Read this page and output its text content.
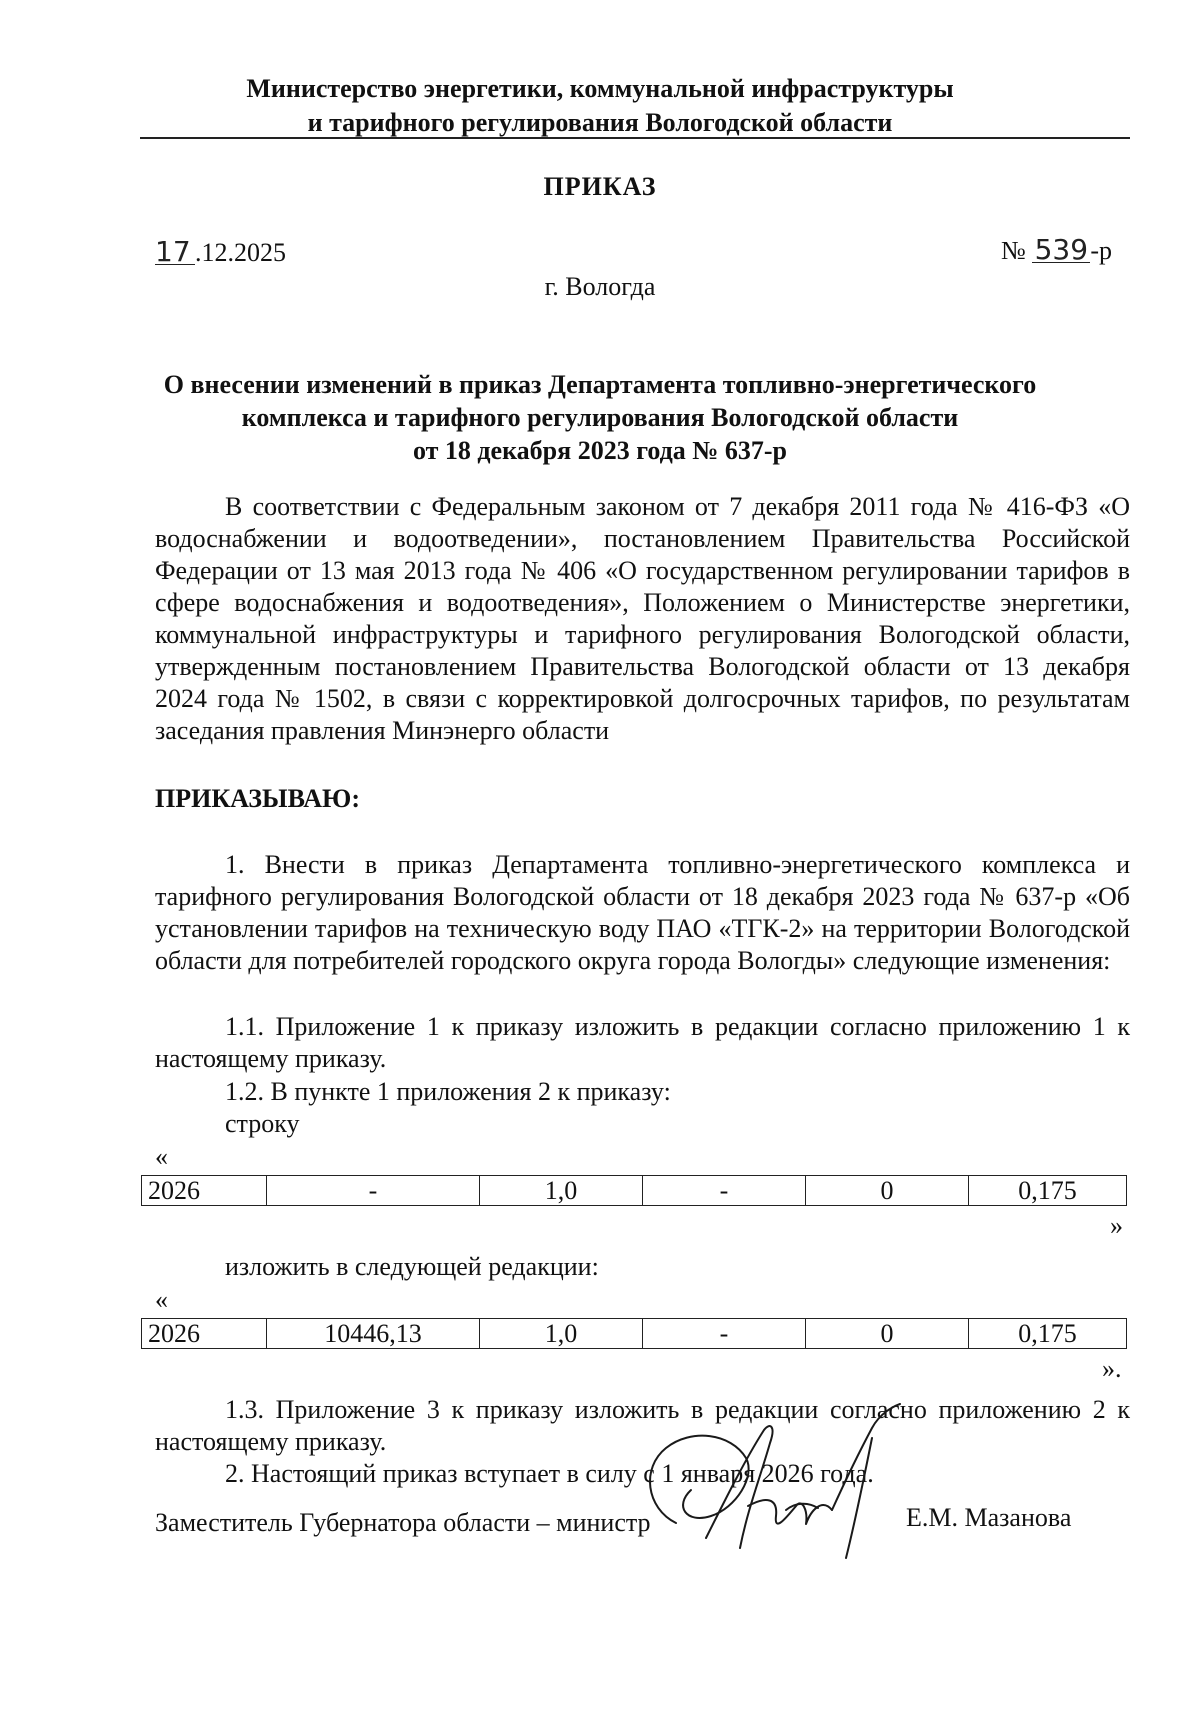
Министерство энергетики, коммунальной инфраструктуры
и тарифного регулирования Вологодской области
ПРИКАЗ
17 .12.2025	№ 539-р
г. Вологда
О внесении изменений в приказ Департамента топливно-энергетического
комплекса и тарифного регулирования Вологодской области
от 18 декабря 2023 года № 637-р
В соответствии с Федеральным законом от 7 декабря 2011 года № 416-ФЗ «О водоснабжении и водоотведении», постановлением Правительства Российской Федерации от 13 мая 2013 года № 406 «О государственном регулировании тарифов в сфере водоснабжения и водоотведения», Положением о Министерстве энергетики, коммунальной инфраструктуры и тарифного регулирования Вологодской области, утвержденным постановлением Правительства Вологодской области от 13 декабря 2024 года № 1502, в связи с корректировкой долгосрочных тарифов, по результатам заседания правления Минэнерго области
ПРИКАЗЫВАЮ:
1. Внести в приказ Департамента топливно-энергетического комплекса и тарифного регулирования Вологодской области от 18 декабря 2023 года № 637-р «Об установлении тарифов на техническую воду ПАО «ТГК-2» на территории Вологодской области для потребителей городского округа города Вологды» следующие изменения:
1.1. Приложение 1 к приказу изложить в редакции согласно приложению 1 к настоящему приказу.
1.2. В пункте 1 приложения 2 к приказу:
строку
«
2026	-	1,0	-	0	0,175
»
изложить в следующей редакции:
«
2026	10446,13	1,0	-	0	0,175
».
1.3. Приложение 3 к приказу изложить в редакции согласно приложению 2 к настоящему приказу.
2. Настоящий приказ вступает в силу с 1 января 2026 года.
Заместитель Губернатора области – министр	Е.М. Мазанова
